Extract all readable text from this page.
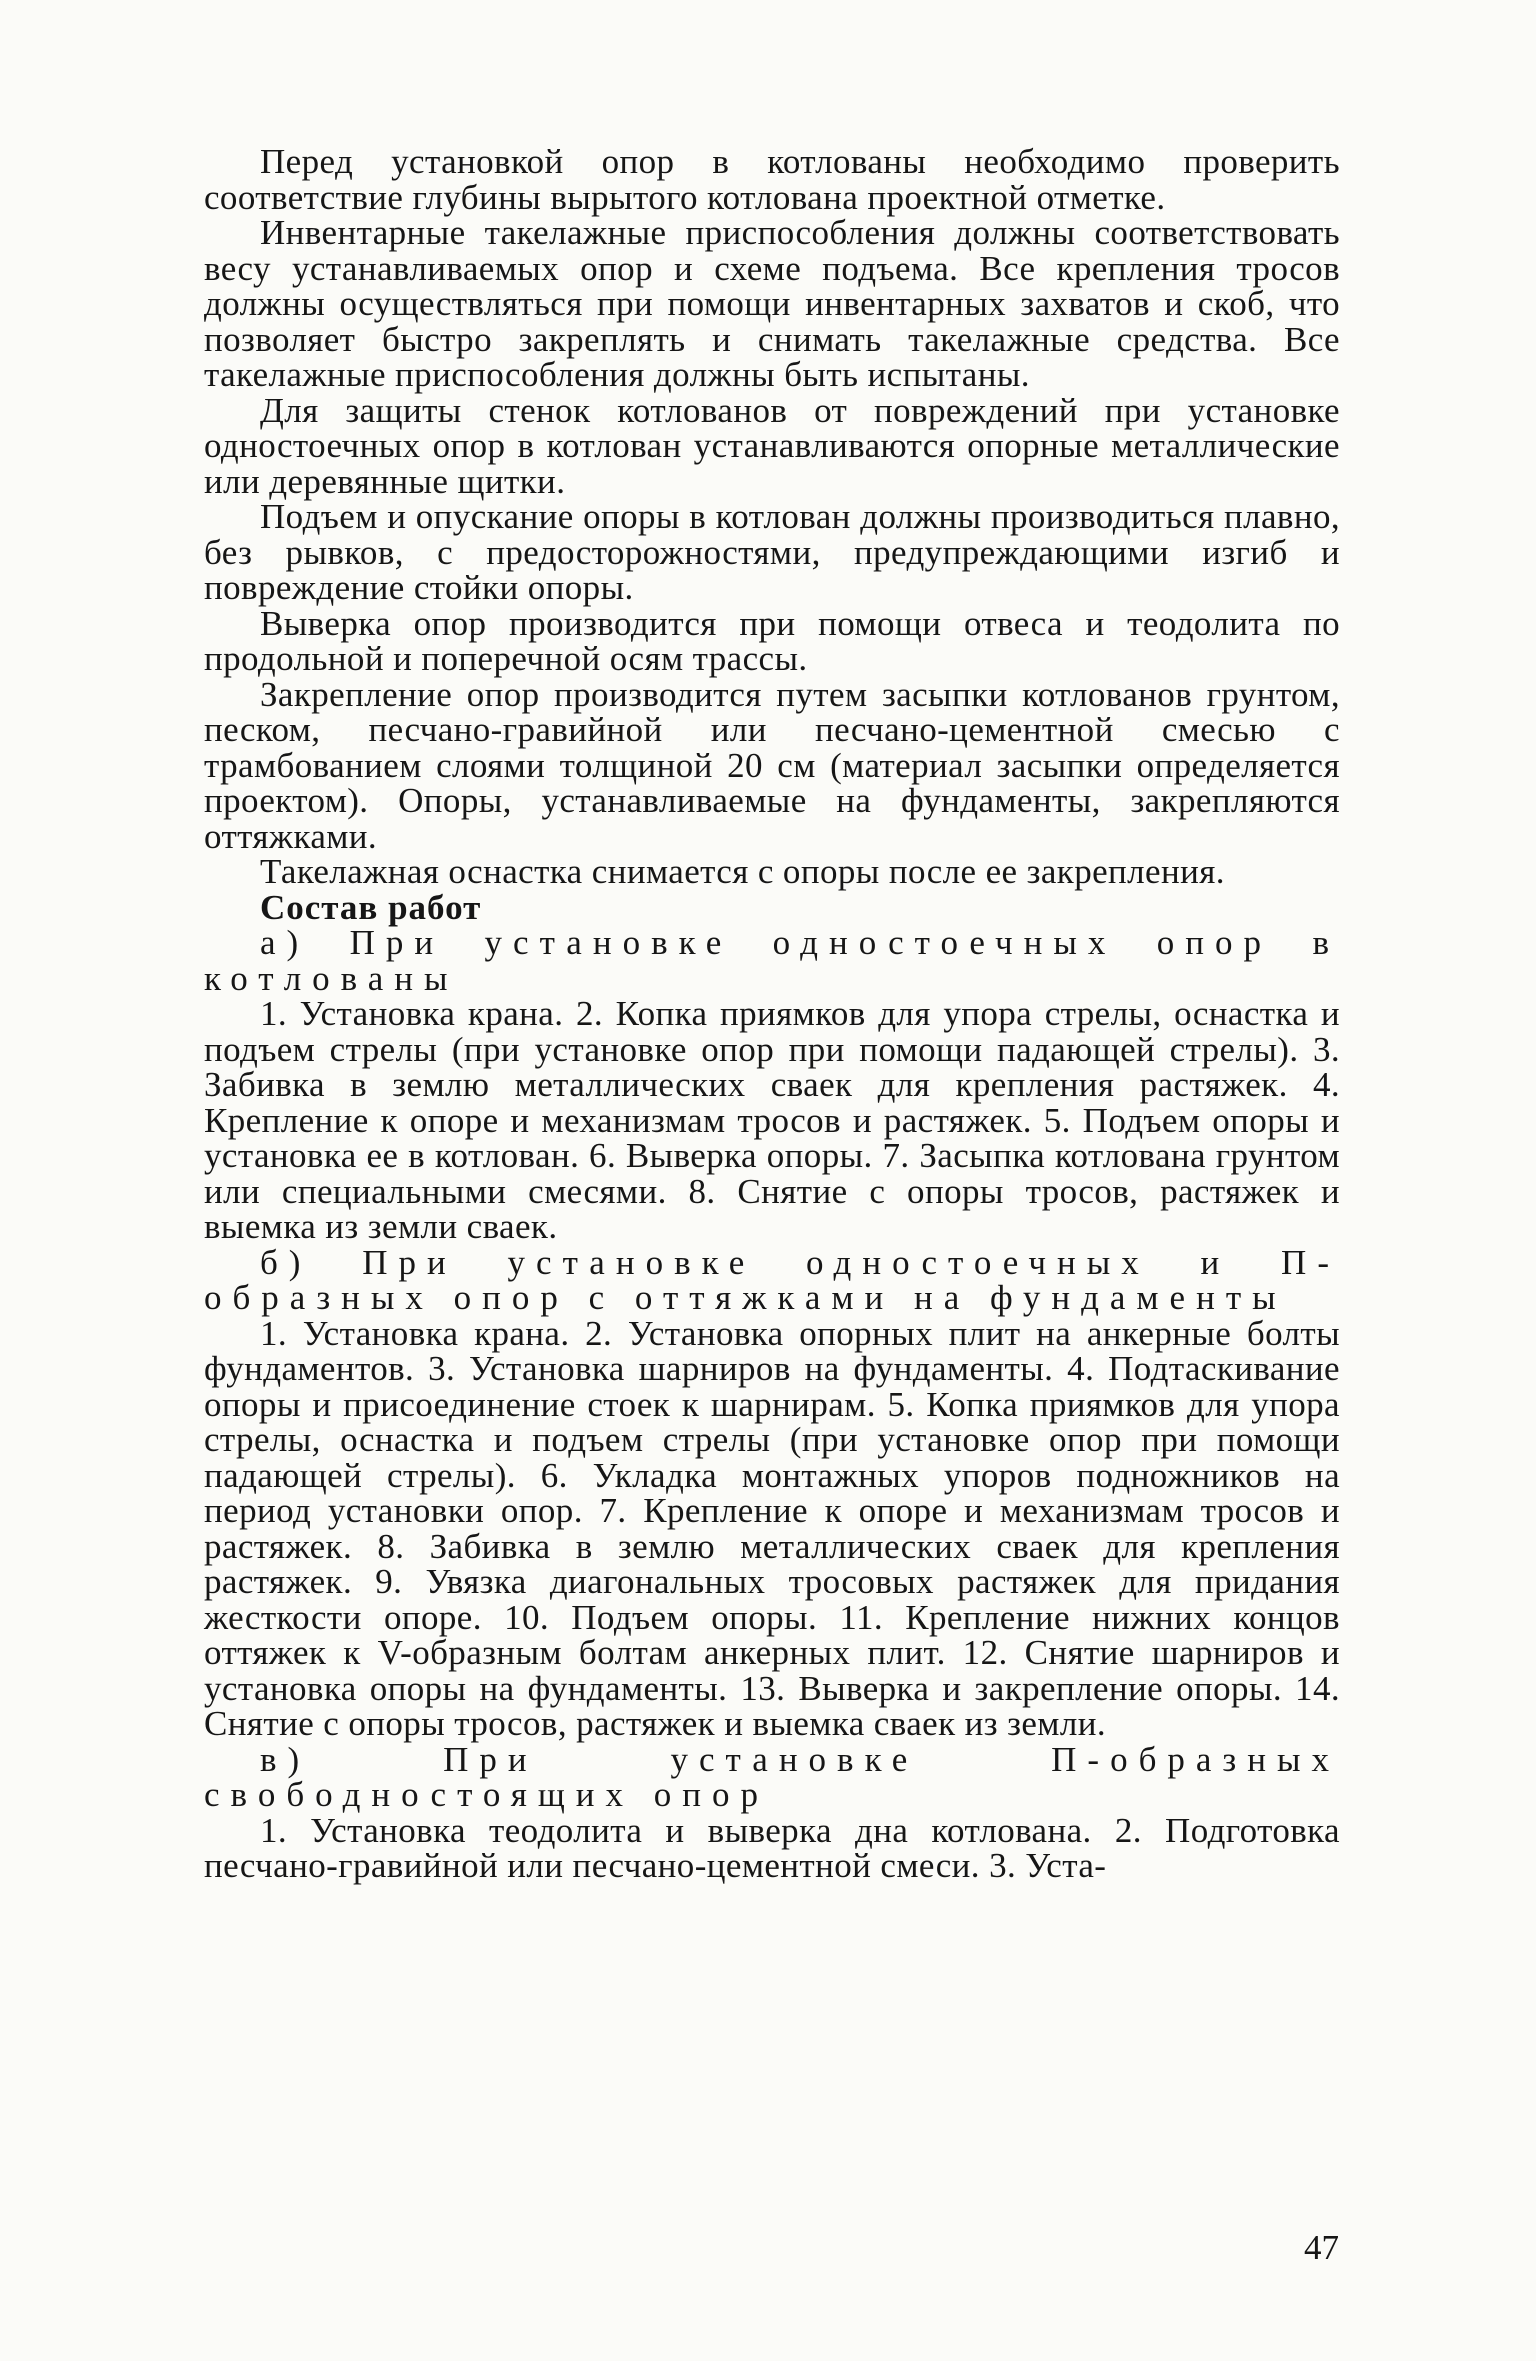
Перед установкой опор в котлованы необходимо проверить соответствие глубины вырытого котлована проектной отметке.

Инвентарные такелажные приспособления должны соответствовать весу устанавливаемых опор и схеме подъема. Все крепления тросов должны осуществляться при помощи инвентарных захватов и скоб, что позволяет быстро закреплять и снимать такелажные средства. Все такелажные приспособления должны быть испытаны.

Для защиты стенок котлованов от повреждений при установке одностоечных опор в котлован устанавливаются опорные металлические или деревянные щитки.

Подъем и опускание опоры в котлован должны производиться плавно, без рывков, с предосторожностями, предупреждающими изгиб и повреждение стойки опоры.

Выверка опор производится при помощи отвеса и теодолита по продольной и поперечной осям трассы.

Закрепление опор производится путем засыпки котлованов грунтом, песком, песчано-гравийной или песчано-цементной смесью с трамбованием слоями толщиной 20 см (материал засыпки определяется проектом). Опоры, устанавливаемые на фундаменты, закрепляются оттяжками.

Такелажная оснастка снимается с опоры после ее закрепления.

Состав работ

а) При установке одностоечных опор в котлованы

1. Установка крана. 2. Копка приямков для упора стрелы, оснастка и подъем стрелы (при установке опор при помощи падающей стрелы). 3. Забивка в землю металлических сваек для крепления растяжек. 4. Крепление к опоре и механизмам тросов и растяжек. 5. Подъем опоры и установка ее в котлован. 6. Выверка опоры. 7. Засыпка котлована грунтом или специальными смесями. 8. Снятие с опоры тросов, растяжек и выемка из земли сваек.

б) При установке одностоечных и П-образных опор с оттяжками на фундаменты

1. Установка крана. 2. Установка опорных плит на анкерные болты фундаментов. 3. Установка шарниров на фундаменты. 4. Подтаскивание опоры и присоединение стоек к шарнирам. 5. Копка приямков для упора стрелы, оснастка и подъем стрелы (при установке опор при помощи падающей стрелы). 6. Укладка монтажных упоров подножников на период установки опор. 7. Крепление к опоре и механизмам тросов и растяжек. 8. Забивка в землю металлических сваек для крепления растяжек. 9. Увязка диагональных тросовых растяжек для придания жесткости опоре. 10. Подъем опоры. 11. Крепление нижних концов оттяжек к V-образным болтам анкерных плит. 12. Снятие шарниров и установка опоры на фундаменты. 13. Выверка и закрепление опоры. 14. Снятие с опоры тросов, растяжек и выемка сваек из земли.

в) При установке П-образных свободностоящих опор

1. Установка теодолита и выверка дна котлована. 2. Подготовка песчано-гравийной или песчано-цементной смеси. 3. Уста-

47
